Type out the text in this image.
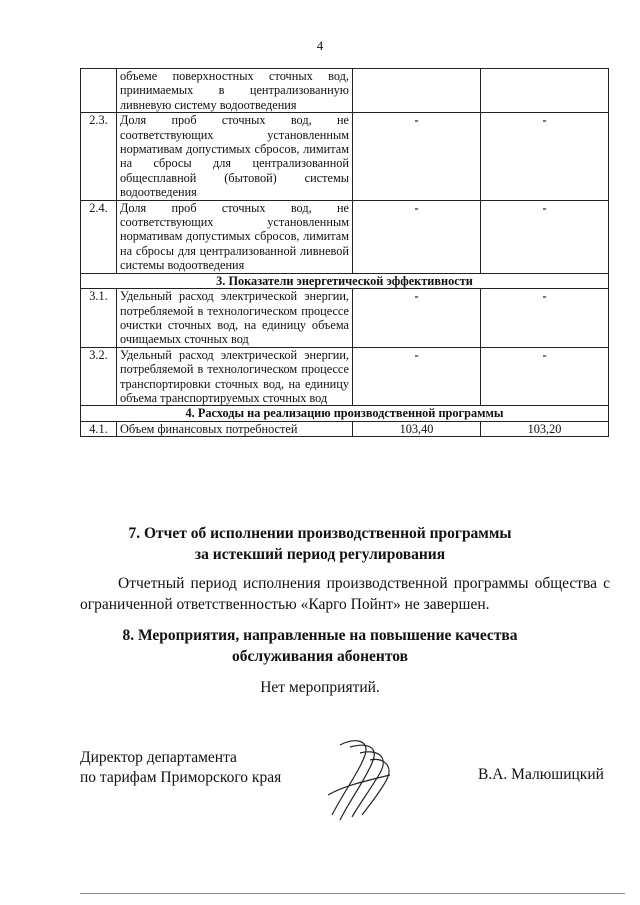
4
	объеме поверхностных сточных вод, принимаемых в централизованную ливневую систему водоотведения		
2.3.	Доля проб сточных вод, не соответствующих установленным нормативам допустимых сбросов, лимитам на сбросы для централизованной общесплавной (бытовой) системы водоотведения	-	-
2.4.	Доля проб сточных вод, не соответствующих установленным нормативам допустимых сбросов, лимитам на сбросы для централизованной ливневой системы водоотведения	-	-
3. Показатели энергетической эффективности			
3.1.	Удельный расход электрической энергии, потребляемой в технологическом процессе очистки сточных вод, на единицу объема очищаемых сточных вод	-	-
3.2.	Удельный расход электрической энергии, потребляемой в технологическом процессе транспортировки сточных вод, на единицу объема транспортируемых сточных вод	-	-
4. Расходы на реализацию производственной программы			
4.1.	Объем финансовых потребностей	103,40	103,20
7. Отчет об исполнении производственной программы
за истекший период регулирования
Отчетный период исполнения производственной программы общества с ограниченной ответственностью «Карго Пойнт» не завершен.
8. Мероприятия, направленные на повышение качества
обслуживания абонентов
Нет мероприятий.
Директор департамента
по тарифам Приморского края	В.А. Малюшицкий
